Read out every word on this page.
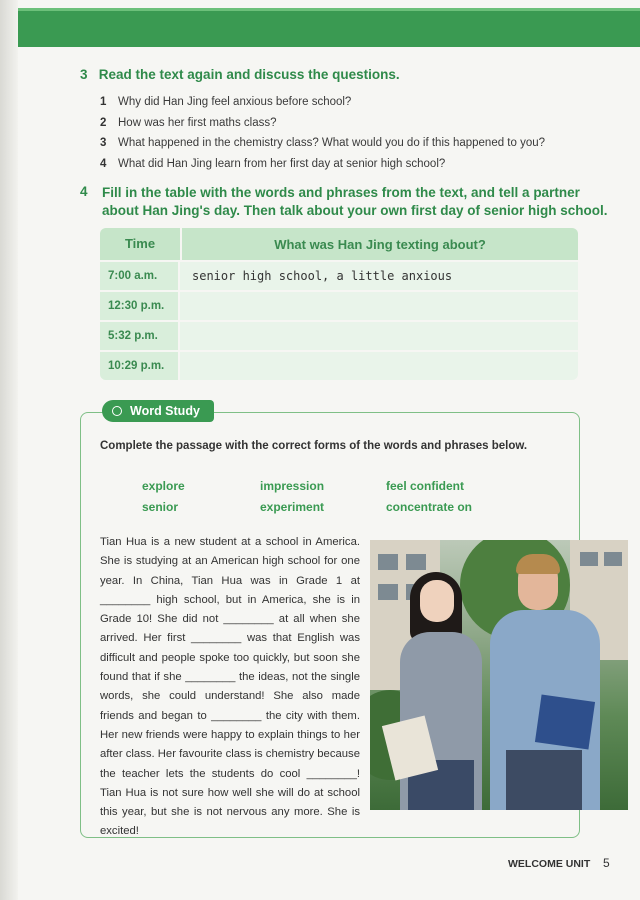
3 Read the text again and discuss the questions.
1 Why did Han Jing feel anxious before school?
2 How was her first maths class?
3 What happened in the chemistry class? What would you do if this happened to you?
4 What did Han Jing learn from her first day at senior high school?
4 Fill in the table with the words and phrases from the text, and tell a partner
about Han Jing's day. Then talk about your own first day of senior high school.
Time	What was Han Jing texting about?
7:00 a.m.	senior high school, a little anxious
12:30 p.m.
5:32 p.m.
10:29 p.m.
Word Study
Complete the passage with the correct forms of the words and phrases below.
explore	impression	feel confident
senior	experiment	concentrate on

Tian Hua is a new student at a school in America. She is studying at an American high school for one year. In China, Tian Hua was in Grade 1 at ________ high school, but in America, she is in Grade 10! She did not ________ at all when she arrived. Her first ________ was that English was difficult and people spoke too quickly, but soon she found that if she ________ the ideas, not the single words, she could understand! She also made friends and began to ________ the city with them. Her new friends were happy to explain things to her after class. Her favourite class is chemistry because the teacher lets the students do cool ________! Tian Hua is not sure how well she will do at school this year, but she is not nervous any more. She is excited!

WELCOME UNIT 5
